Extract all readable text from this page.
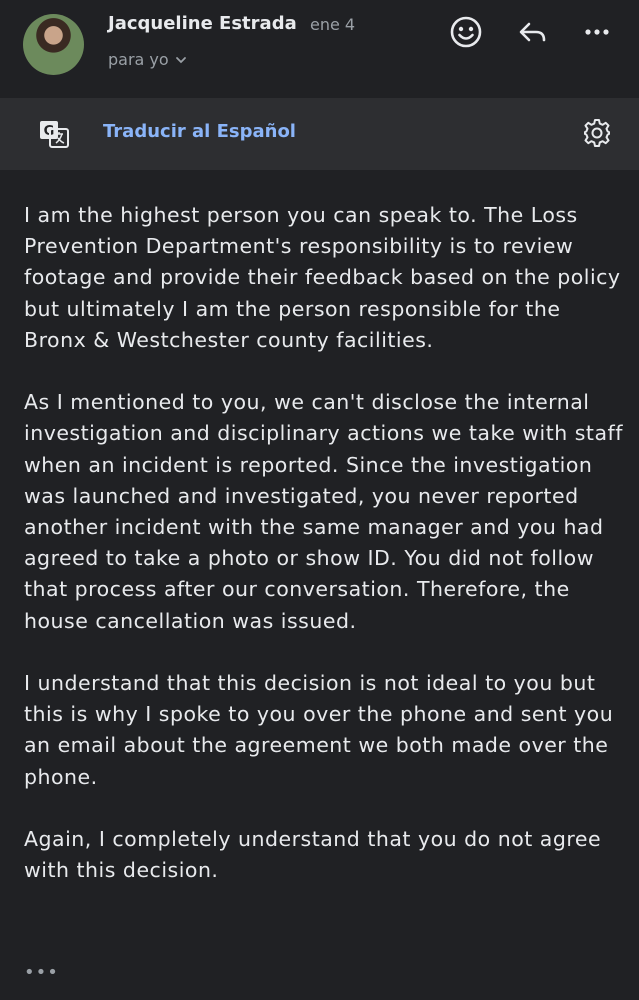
Jacqueline Estrada ene 4
para yo
G	Traducir al Español

I am the highest person you can speak to. The Loss Prevention Department's responsibility is to review footage and provide their feedback based on the policy but ultimately I am the person responsible for the Bronx & Westchester county facilities.

As I mentioned to you, we can't disclose the internal investigation and disciplinary actions we take with staff when an incident is reported. Since the investigation was launched and investigated, you never reported another incident with the same manager and you had agreed to take a photo or show ID. You did not follow that process after our conversation. Therefore, the house cancellation was issued.

I understand that this decision is not ideal to you but this is why I spoke to you over the phone and sent you an email about the agreement we both made over the phone.

Again, I completely understand that you do not agree with this decision.

•••
